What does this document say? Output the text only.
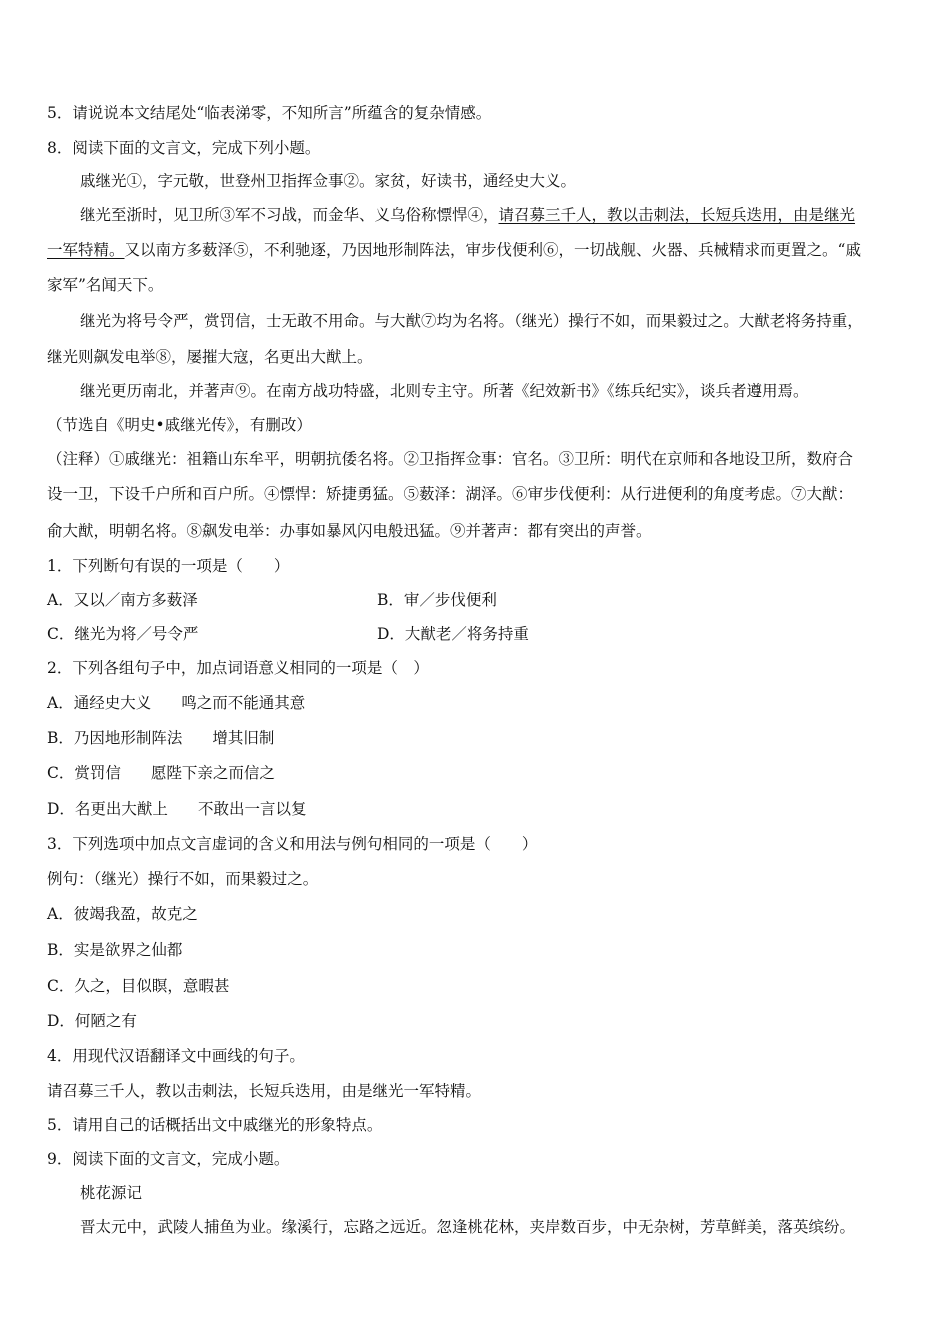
5．请说说本文结尾处“临表涕零，不知所言”所蕴含的复杂情感。
8．阅读下面的文言文，完成下列小题。
戚继光①，字元敬，世登州卫指挥佥事②。家贫，好读书，通经史大义。
继光至浙时，见卫所③军不习战，而金华、义乌俗称慓悍④，请召募三千人，教以击刺法，长短兵迭用，由是继光
一军特精。又以南方多薮泽⑤，不利驰逐，乃因地形制阵法，审步伐便利⑥，一切战舰、火器、兵械精求而更置之。“戚
家军”名闻天下。
继光为将号令严，赏罚信，士无敢不用命。与大猷⑦均为名将。（继光）操行不如，而果毅过之。大猷老将务持重，
继光则飙发电举⑧，屡摧大寇，名更出大猷上。
继光更历南北，并著声⑨。在南方战功特盛，北则专主守。所著《纪效新书》《练兵纪实》，谈兵者遵用焉。
（节选自《明史•戚继光传》，有删改）
（注释）①戚继光：祖籍山东牟平，明朝抗倭名将。②卫指挥佥事：官名。③卫所：明代在京师和各地设卫所，数府合
设一卫，下设千户所和百户所。④慓悍：矫捷勇猛。⑤薮泽：湖泽。⑥审步伐便利：从行进便利的角度考虑。⑦大猷：
俞大猷，明朝名将。⑧飙发电举：办事如暴风闪电般迅猛。⑨并著声：都有突出的声誉。
1．下列断句有误的一项是（　　）
A．又以／南方多薮泽	B．审／步伐便利
C．继光为将／号令严	D．大猷老／将务持重
2．下列各组句子中，加点词语意义相同的一项是（　）
A．通经史大义 鸣之而不能通其意
B．乃因地形制阵法 增其旧制
C．赏罚信 愿陛下亲之而信之
D．名更出大猷上 不敢出一言以复
3．下列选项中加点文言虚词的含义和用法与例句相同的一项是（　　）
例句：（继光）操行不如，而果毅过之。
A．彼竭我盈，故克之
B．实是欲界之仙都
C．久之，目似瞑，意暇甚
D．何陋之有
4．用现代汉语翻译文中画线的句子。
请召募三千人，教以击刺法，长短兵迭用，由是继光一军特精。
5．请用自己的话概括出文中戚继光的形象特点。
9．阅读下面的文言文，完成小题。
桃花源记
晋太元中，武陵人捕鱼为业。缘溪行，忘路之远近。忽逢桃花林，夹岸数百步，中无杂树，芳草鲜美，落英缤纷。
